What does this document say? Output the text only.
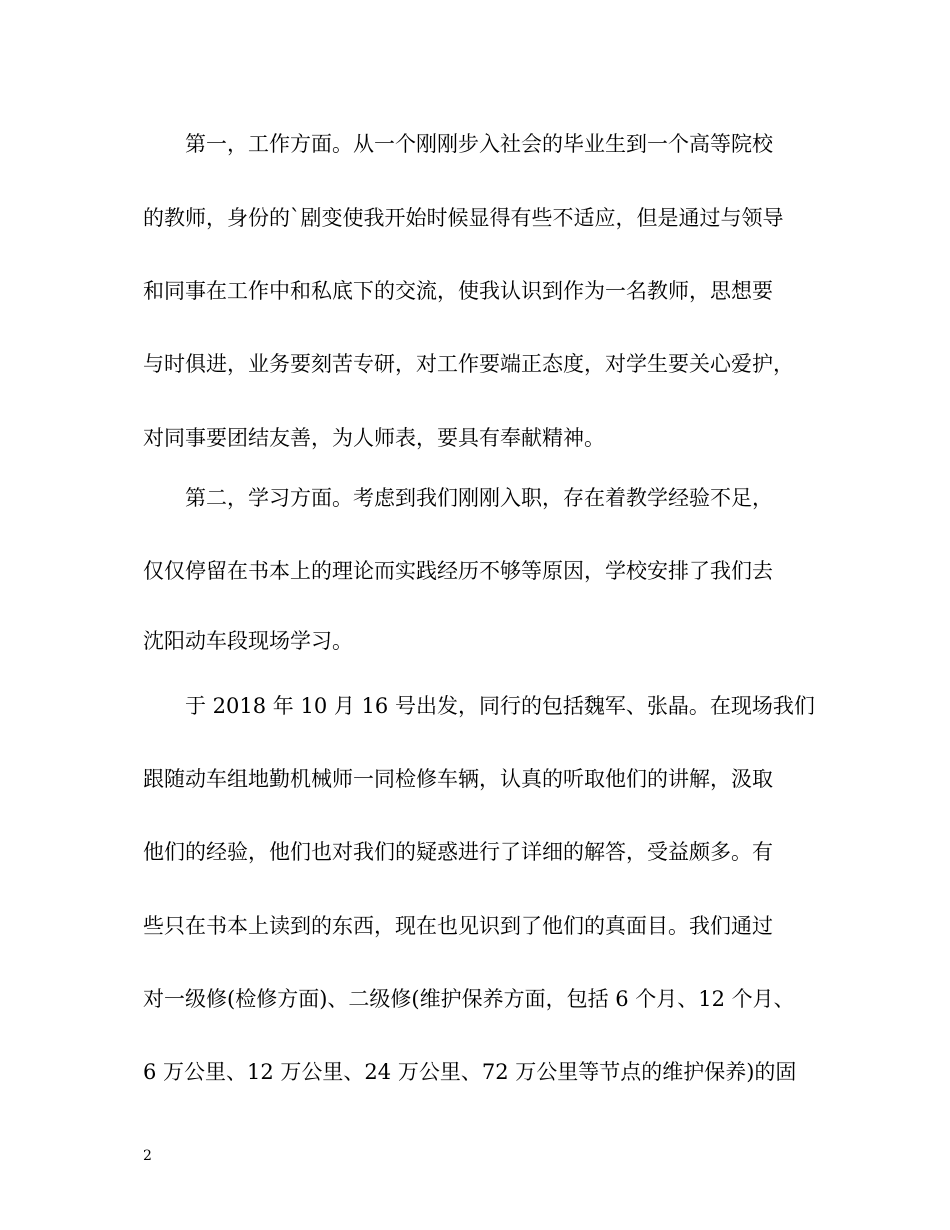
第一，工作方面。从一个刚刚步入社会的毕业生到一个高等院校

的教师，身份的`剧变使我开始时候显得有些不适应，但是通过与领导

和同事在工作中和私底下的交流，使我认识到作为一名教师，思想要

与时俱进，业务要刻苦专研，对工作要端正态度，对学生要关心爱护，

对同事要团结友善，为人师表，要具有奉献精神。

第二，学习方面。考虑到我们刚刚入职，存在着教学经验不足，

仅仅停留在书本上的理论而实践经历不够等原因，学校安排了我们去

沈阳动车段现场学习。

于 2018 年 10 月 16 号出发，同行的包括魏军、张晶。在现场我们

跟随动车组地勤机械师一同检修车辆，认真的听取他们的讲解，汲取

他们的经验，他们也对我们的疑惑进行了详细的解答，受益颇多。有

些只在书本上读到的东西，现在也见识到了他们的真面目。我们通过

对一级修(检修方面)、二级修(维护保养方面，包括 6 个月、12 个月、

6 万公里、12 万公里、24 万公里、72 万公里等节点的维护保养)的固

2
